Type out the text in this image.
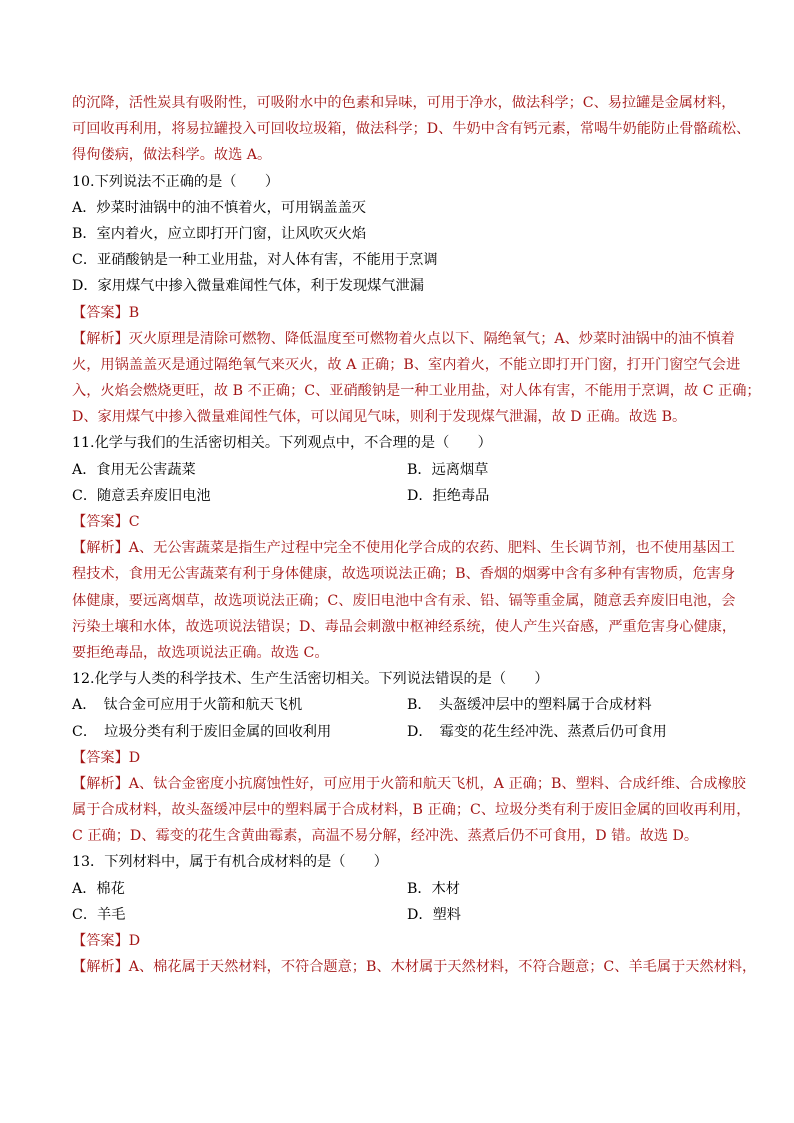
的沉降，活性炭具有吸附性，可吸附水中的色素和异味，可用于净水，做法科学；C、易拉罐是金属材料，
可回收再利用，将易拉罐投入可回收垃圾箱，做法科学；D、牛奶中含有钙元素，常喝牛奶能防止骨骼疏松、
得佝偻病，做法科学。故选 A。
10.下列说法不正确的是（　　）
A．炒菜时油锅中的油不慎着火，可用锅盖盖灭
B．室内着火，应立即打开门窗，让风吹灭火焰
C．亚硝酸钠是一种工业用盐，对人体有害，不能用于烹调
D．家用煤气中掺入微量难闻性气体，利于发现煤气泄漏
【答案】B
【解析】灭火原理是清除可燃物、降低温度至可燃物着火点以下、隔绝氧气；A、炒菜时油锅中的油不慎着
火，用锅盖盖灭是通过隔绝氧气来灭火，故 A 正确；B、室内着火，不能立即打开门窗，打开门窗空气会进
入，火焰会燃烧更旺，故 B 不正确；C、亚硝酸钠是一种工业用盐，对人体有害，不能用于烹调，故 C 正确；
D、家用煤气中掺入微量难闻性气体，可以闻见气味，则利于发现煤气泄漏，故 D 正确。故选 B。
11.化学与我们的生活密切相关。下列观点中，不合理的是（　　）
A．食用无公害蔬菜	B．远离烟草
C．随意丢弃废旧电池	D．拒绝毒品
【答案】C
【解析】A、无公害蔬菜是指生产过程中完全不使用化学合成的农药、肥料、生长调节剂，也不使用基因工
程技术，食用无公害蔬菜有利于身体健康，故选项说法正确；B、香烟的烟雾中含有多种有害物质，危害身
体健康，要远离烟草，故选项说法正确；C、废旧电池中含有汞、铅、镉等重金属，随意丢弃废旧电池，会
污染土壤和水体，故选项说法错误；D、毒品会刺激中枢神经系统，使人产生兴奋感，严重危害身心健康，
要拒绝毒品，故选项说法正确。故选 C。
12.化学与人类的科学技术、生产生活密切相关。下列说法错误的是（　　）
A．　钛合金可应用于火箭和航天飞机	B．　头盔缓冲层中的塑料属于合成材料
C．　垃圾分类有利于废旧金属的回收利用	D．　霉变的花生经冲洗、蒸煮后仍可食用
【答案】D
【解析】A、钛合金密度小抗腐蚀性好，可应用于火箭和航天飞机，A 正确；B、塑料、合成纤维、合成橡胶
属于合成材料，故头盔缓冲层中的塑料属于合成材料，B 正确；C、垃圾分类有利于废旧金属的回收再利用，
C 正确；D、霉变的花生含黄曲霉素，高温不易分解，经冲洗、蒸煮后仍不可食用，D 错。故选 D。
13．下列材料中，属于有机合成材料的是（　　）
A．棉花	B．木材
C．羊毛	D．塑料
【答案】D
【解析】A、棉花属于天然材料，不符合题意；B、木材属于天然材料，不符合题意；C、羊毛属于天然材料，
